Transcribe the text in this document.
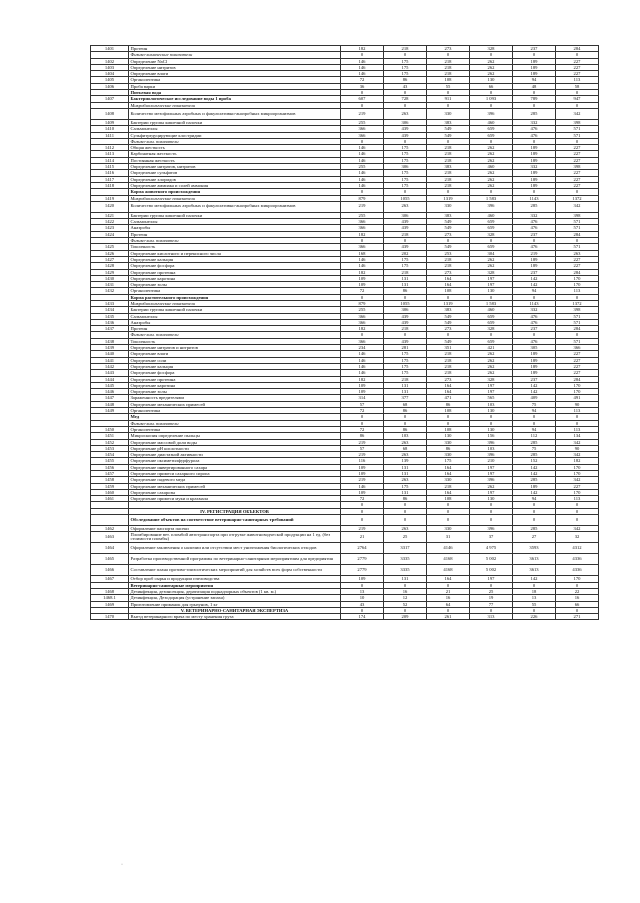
1401	Протеин	182	218	273	328	237	284
	Физико-химические показатели	0	0	0	0	0	0
1402	Определение NaCl	146	175	218	262	189	227
1403	Определение нитритов	146	175	218	262	189	227
1404	Определение влаги	146	175	218	262	189	227
1405	Органолептика	72	86	108	130	94	113
1406	Проба варки	36	43	55	66	48	58
	Питьевая вода	0	0	0	0	0	0
1407	Бактериологическое исследование воды 1 проба	607	728	911	1 093	789	947
	Микробиологические показатели	0	0	0	0	0	0
1408	Количество мезофильных аэробных и факультативно-анаэробных микроорганизмов	219	263	330	396	285	342
1409	Бактерии группы кишечной палочки	255	306	383	460	332	398
1410	Сальмонеллы	366	439	549	659	476	571
1411	Сульфитредуцирующие клостридии	366	439	549	659	476	571
	Физико-хим. показатели	0	0	0	0	0	0
1412	Общая жесткость	146	175	218	262	189	227
1413	Карбонатная жесткость	146	175	218	262	189	227
1414	Постоянная жесткость	146	175	218	262	189	227
1415	Определение нитратов, нитритов	255	306	383	460	332	398
1416	Определение сульфатов	146	175	218	262	189	227
1417	Определение хлоридов	146	175	218	262	189	227
1418	Определение аммиака и солей аммония	146	175	218	262	189	227
	Корма животного происхождения	0	0	0	0	0	0
1419	Микробиологические показатели	879	1055	1319	1 583	1143	1372
1420	Количество мезофильных аэробных и факультативно-анаэробных микроорганизмов	219	263	330	396	285	342
1421	Бактерии группы кишечной палочки	255	306	383	460	332	398
1422	Сальмонеллы	366	439	549	659	476	571
1423	Анаэробы	366	439	549	659	476	571
1424	Протеин	182	218	273	328	237	284
	Физико-хим. показатели	0	0	0	0	0	0
1425	Токсичность	366	439	549	659	476	571
1426	Определение кислотного и перекисного числа	168	202	253	304	219	263
1427	Определение кальция	146	175	218	262	189	227
1428	Определение фосфора	146	175	218	262	189	227
1429	Определение протеина	182	218	273	328	237	284
1430	Определение каротина	109	131	164	197	142	170
1431	Определение золы	109	131	164	197	142	170
1432	Органолептика	72	86	108	130	94	113
	Корма растительного происхождения	0	0	0	0	0	0
1433	Микробиологические показатели	879	1055	1319	1 583	1143	1372
1434	Бактерии группы кишечной палочки	255	306	383	460	332	398
1435	Сальмонеллы	366	439	549	659	476	571
1436	Анаэробы	366	439	549	659	476	571
1437	Протеин	182	218	273	328	237	284
	Физико-хим. показатели	0	0	0	0	0	0
1438	Токсичность	366	439	549	659	476	571
1439	Определение нитратов и нитритов	234	281	351	421	305	366
1440	Определение влаги	146	175	218	262	189	227
1441	Определение соли	146	175	218	262	189	227
1442	Определение кальция	146	175	218	262	189	227
1443	Определение фосфора	146	175	218	262	189	227
1444	Определение протеина	182	218	273	328	237	284
1445	Определение каротина	109	131	164	197	142	170
1446	Определение золы	109	131	164	197	142	170
1447	Зараженность вредителями	314	377	471	565	409	491
1448	Определение механических примесей	57	68	86	103	75	90
1449	Органолептика	72	86	108	130	94	113
	Мед	0	0	0	0	0	0
	Физико-хим. показатели	0	0	0	0	0	0
1450	Органолептика	72	86	108	130	94	113
1451	Микроскопия определение пыльцы	86	103	130	156	112	134
1452	Определение массовой доли воды	219	263	330	396	285	342
1453	Определение pH кислотности	57	68	86	103	75	90
1454	Определение диастазной активности	219	263	330	396	285	342
1455	Определение оксиметилфурфурола	116	139	175	210	152	182
1456	Определение инвертированного сахара	109	131	164	197	142	170
1457	Определение примеси сахарного сиропа	109	131	164	197	142	170
1458	Определение падевого меда	219	263	330	396	285	342
1459	Определение механических примесей	146	175	218	262	189	227
1460	Определение сахарозы	109	131	164	197	142	170
1461	Определение примеси муки и крахмала	72	86	108	130	94	113
		0	0	0	0	0	0
	IV. РЕГИСТРАЦИЯ ОБЪЕКТОВ	0	0	0	0	0	0
	Обследование объектов на соответствие ветеринарно-санитарных требований	0	0	0	0	0	0
1462	Оформление паспорта пасеки	219	263	330	396	285	342
1463	Пломбирование вет. пломбой автотранспорта при отгрузке животноводческой продукции на 1 ед. (без стоимости пломбы)	21	25	31	37	27	32
1464	Оформление заключения о наличии или отсутствии мест уничтожения биологических отходов	2764	3317	4146	4 975	3593	4312
1465	Разработка производственной программы по ветеринарно-санитарным мероприятиям для предприятия	2779	3335	4168	5 002	3613	4336
1466	Составление плана противо-эпизоотических мероприятий для хозяйств всех форм собственности	2779	3335	4168	5 002	3613	4336
1467	Отбор проб сырья и продукции пчеловодства	109	131	164	197	142	170
	Ветеринарно-санитарные мероприятия	0	0	0	0	0	0
1468	Дезинфекция, дезинсекция, дератизация поднадзорных объектов (1 кв. м.)	13	16	21	25	18	22
1468.1	Дезинфекция, Дезодорация (устранение запаха)	10	12	16	19	13	16
1469	Приготовление приманок для грызунов, 1 кг	43	52	64	77	55	66
	V. ВЕТЕРИНАРНО-САНИТАРНАЯ ЭКСПЕРТИЗА	0	0	0	0	0	0
1470	Выезд ветеринарного врача по месту хранения груза	174	209	261	313	226	271
·
